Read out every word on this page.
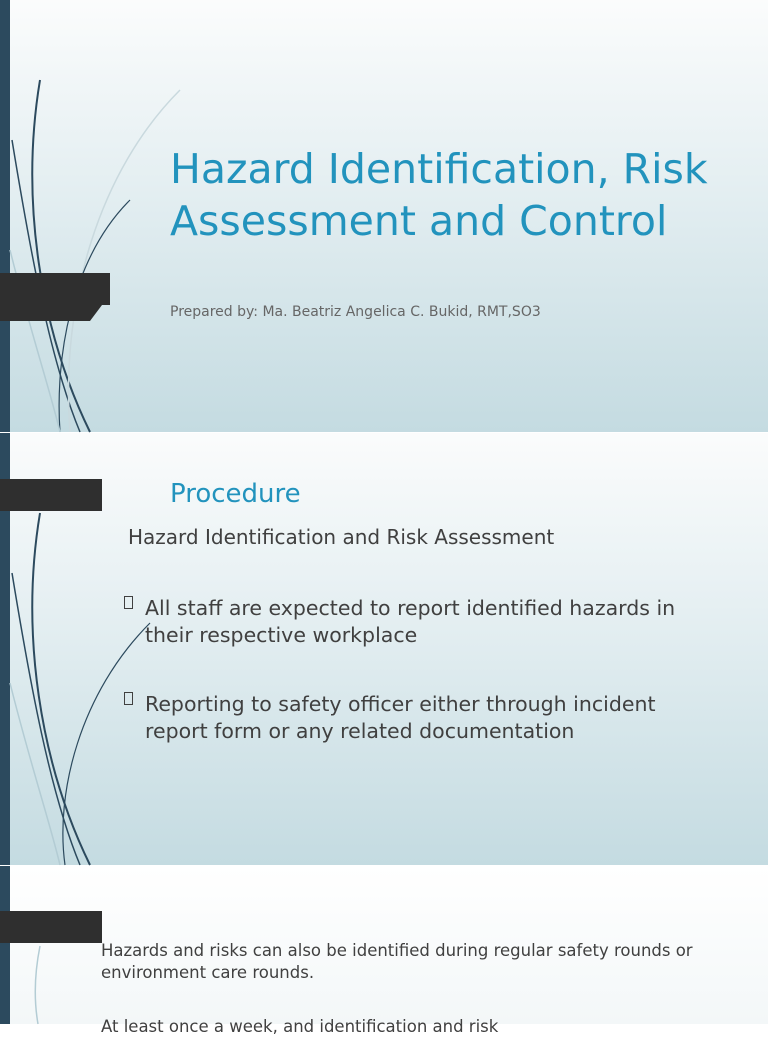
Hazard Identification, Risk Assessment and Control

Prepared by: Ma. Beatriz Angelica C. Bukid, RMT,SO3

Procedure

Hazard Identification and Risk Assessment

All staff are expected to report identified hazards in their respective workplace
Reporting to safety officer either through incident report form or any related documentation

Hazards and risks can also be identified during regular safety rounds or environment care rounds.

At least once a week, and identification and risk
